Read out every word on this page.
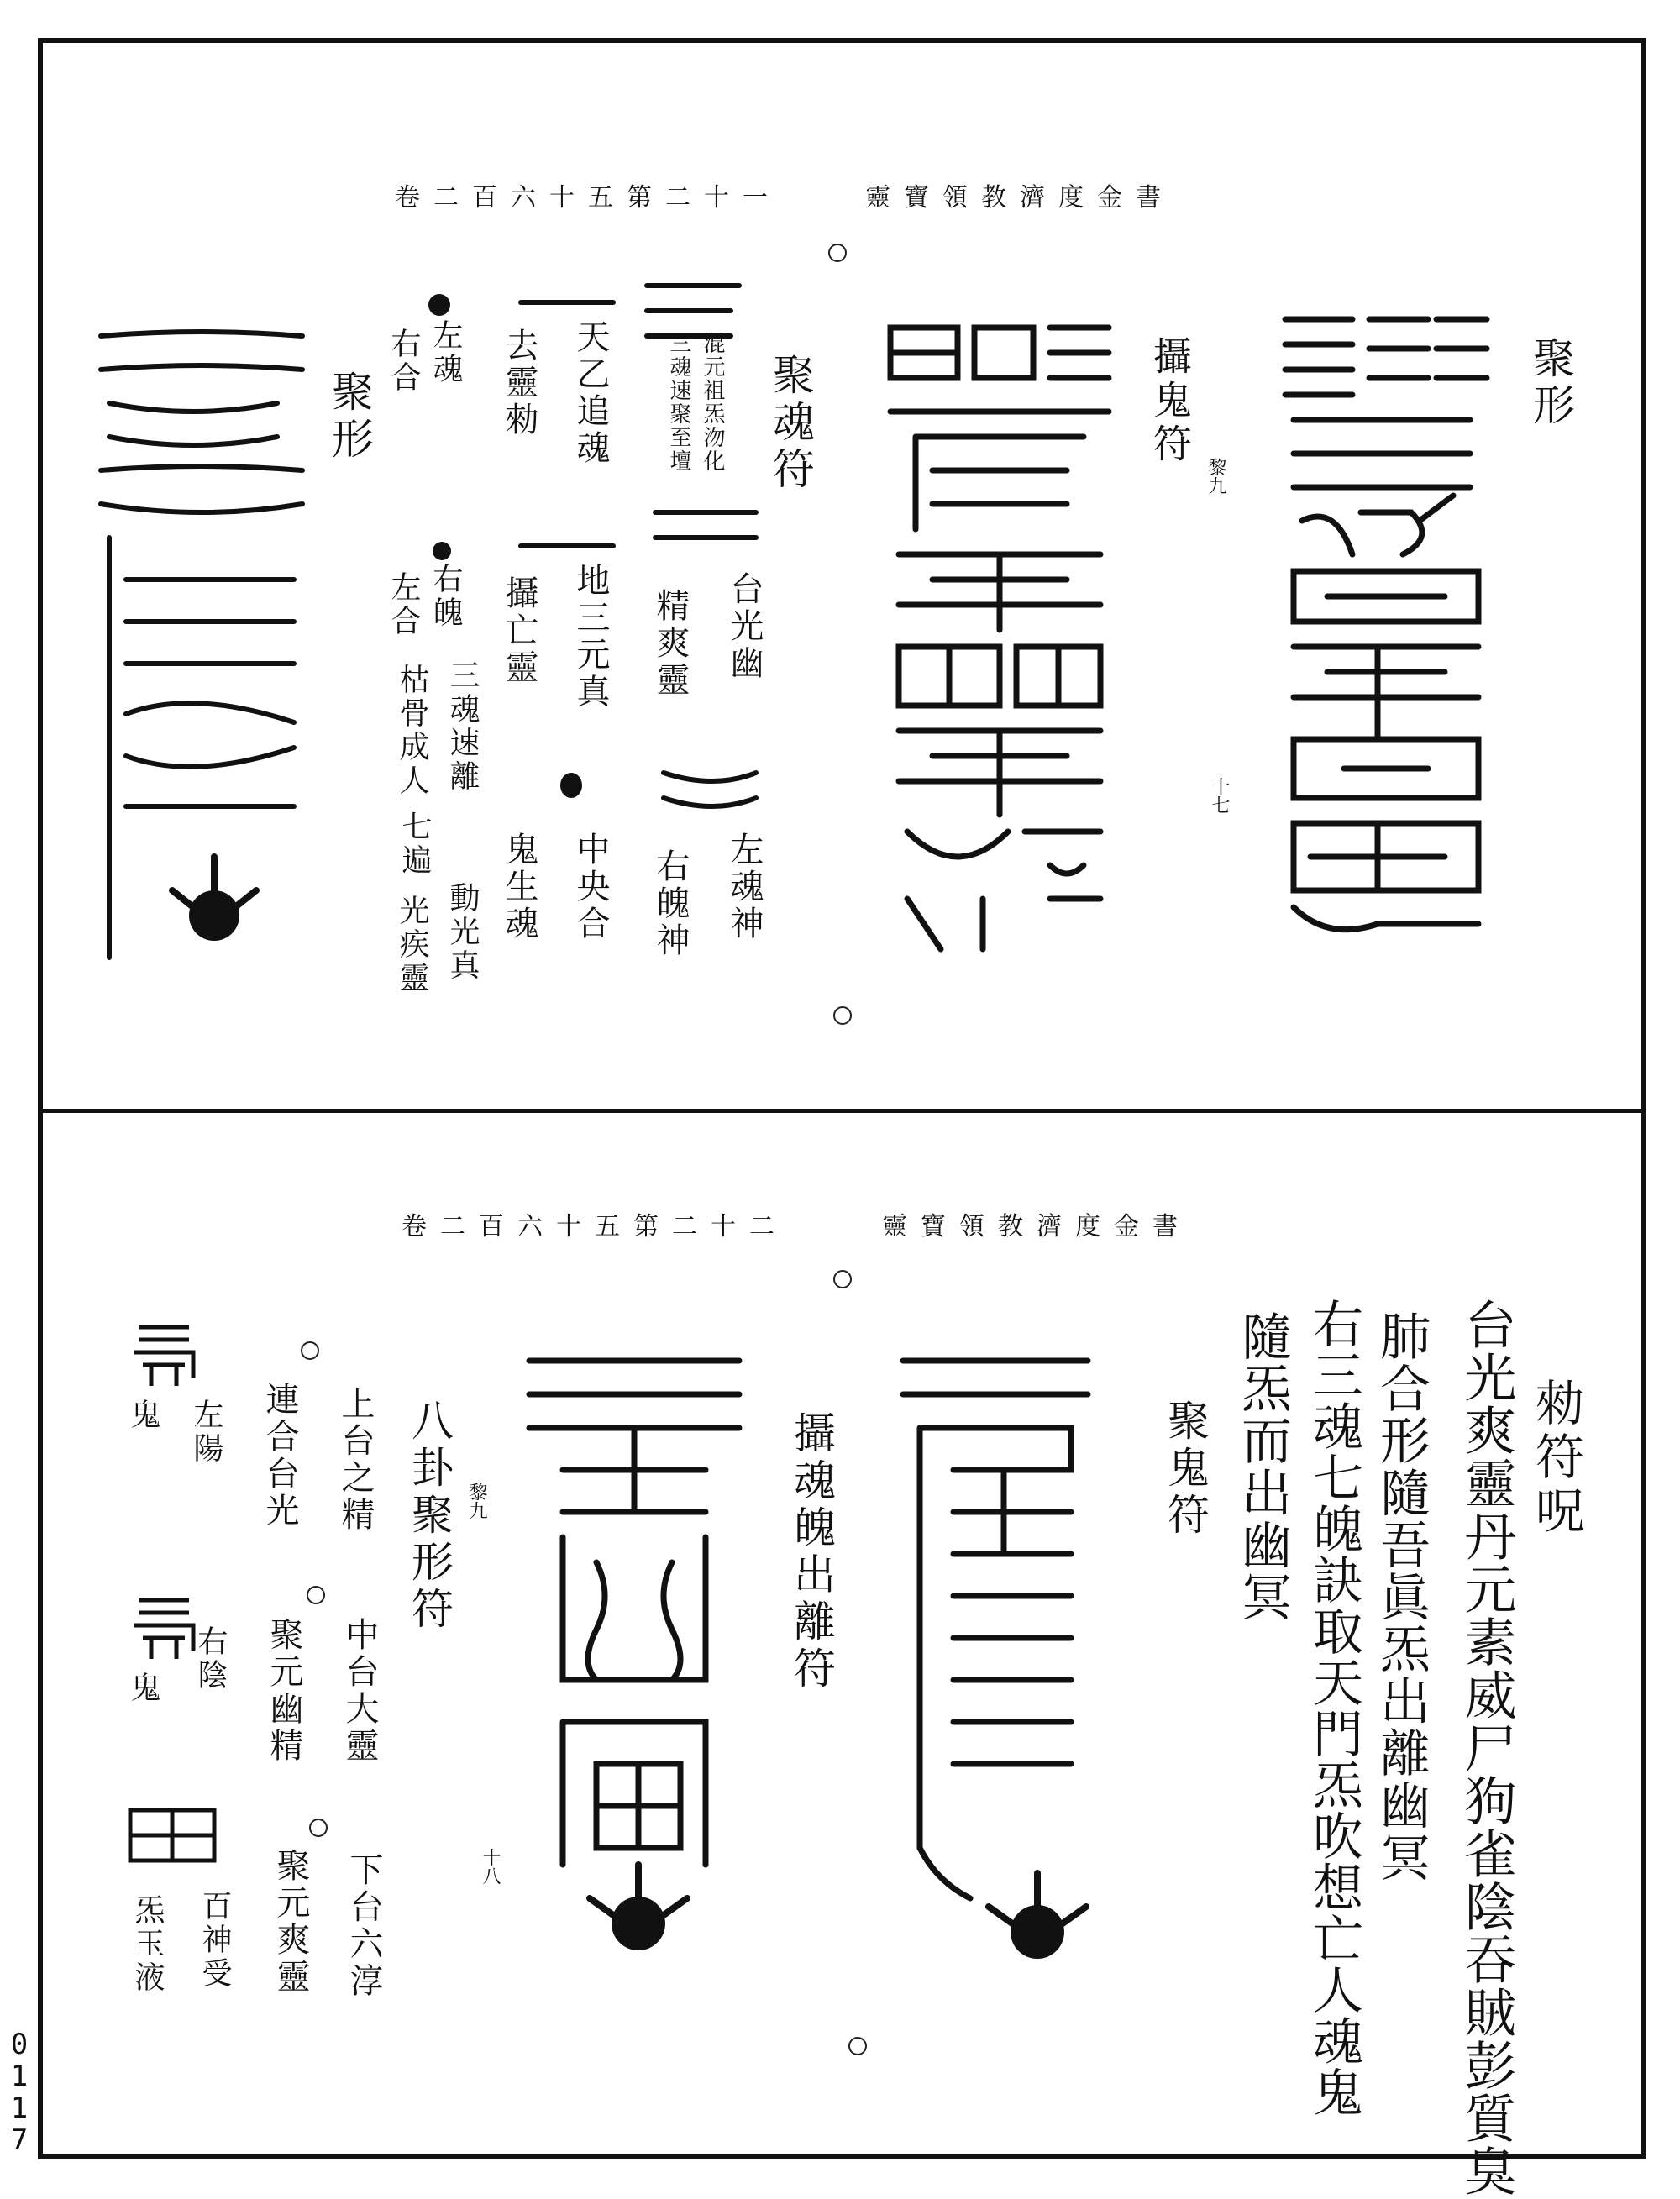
0117
靈寶領教濟度金書
卷二百六十五第二十一
聚形
攝鬼符
黎九
十七
聚魂符
混元祖炁沕化
三魂速聚至壇
台光幽
精爽靈
左魂神
右魄神
天乙追魂
地三元真
中央合
去靈勑
攝亡靈
鬼生魂
左魂
右合
右魄
左合
三魂速離
枯骨成人
七遍
動光真
光疾靈
聚形
靈寶領教濟度金書
卷二百六十五第二十二
勑符呪
台光爽靈丹元素威尸狗雀陰吞賊彭質臭
肺合形隨吾眞炁出離幽冥
右三魂七魄訣取天門炁吹想亡人魂鬼
隨炁而出幽冥
聚鬼符
攝魂魄出離符
十八
八卦聚形符 黎九
上台之精
中台大靈
下台六淳
連合台光
聚元幽精
聚元爽靈
左陽
鬼
右陰
鬼
百神受
炁玉液
